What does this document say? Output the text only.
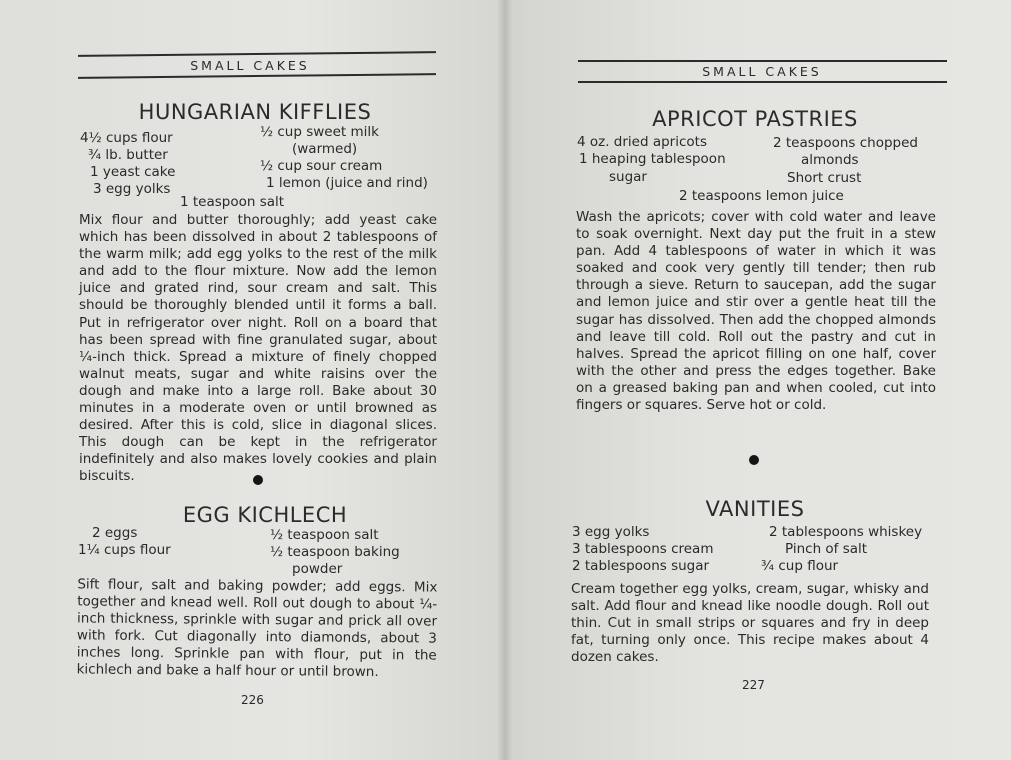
SMALL CAKES
HUNGARIAN KIFFLIES
4½ cups flour
¾ lb. butter
1 yeast cake
3 egg yolks
½ cup sweet milk
(warmed)
½ cup sour cream
1 lemon (juice and rind)
1 teaspoon salt
Mix flour and butter thoroughly; add yeast cake which has been dissolved in about 2 tablespoons of the warm milk; add egg yolks to the rest of the milk and add to the flour mixture. Now add the lemon juice and grated rind, sour cream and salt. This should be thoroughly blended until it forms a ball. Put in refrigerator over night. Roll on a board that has been spread with fine granulated sugar, about ¼-inch thick. Spread a mixture of finely chopped walnut meats, sugar and white raisins over the dough and make into a large roll. Bake about 30 minutes in a moderate oven or until browned as desired. After this is cold, slice in diagonal slices. This dough can be kept in the refrigerator indefinitely and also makes lovely cookies and plain biscuits.
EGG KICHLECH
2 eggs
1¼ cups flour
½ teaspoon salt
½ teaspoon baking
powder
Sift flour, salt and baking powder; add eggs. Mix together and knead well. Roll out dough to about ¼-inch thickness, sprinkle with sugar and prick all over with fork. Cut diagonally into diamonds, about 3 inches long. Sprinkle pan with flour, put in the kichlech and bake a half hour or until brown.
226
SMALL CAKES
APRICOT PASTRIES
4 oz. dried apricots
1 heaping tablespoon
sugar
2 teaspoons chopped
almonds
Short crust
2 teaspoons lemon juice
Wash the apricots; cover with cold water and leave to soak overnight. Next day put the fruit in a stew pan. Add 4 tablespoons of water in which it was soaked and cook very gently till tender; then rub through a sieve. Return to saucepan, add the sugar and lemon juice and stir over a gentle heat till the sugar has dissolved. Then add the chopped almonds and leave till cold. Roll out the pastry and cut in halves. Spread the apricot filling on one half, cover with the other and press the edges together. Bake on a greased baking pan and when cooled, cut into fingers or squares. Serve hot or cold.
VANITIES
3 egg yolks
3 tablespoons cream
2 tablespoons sugar
2 tablespoons whiskey
Pinch of salt
¾ cup flour
Cream together egg yolks, cream, sugar, whisky and salt. Add flour and knead like noodle dough. Roll out thin. Cut in small strips or squares and fry in deep fat, turning only once. This recipe makes about 4 dozen cakes.
227
